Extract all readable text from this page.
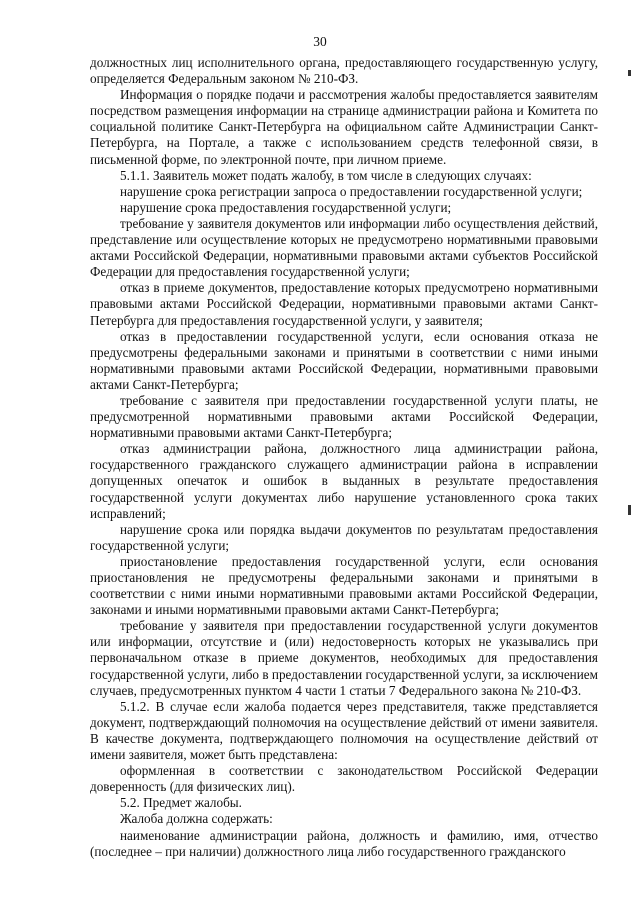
30

должностных лиц исполнительного органа, предоставляющего государственную услугу, определяется Федеральным законом № 210-ФЗ.

Информация о порядке подачи и рассмотрения жалобы предоставляется заявителям посредством размещения информации на странице администрации района и Комитета по социальной политике Санкт-Петербурга на официальном сайте Администрации Санкт-Петербурга, на Портале, а также с использованием средств телефонной связи, в письменной форме, по электронной почте, при личном приеме.

5.1.1. Заявитель может подать жалобу, в том числе в следующих случаях:

нарушение срока регистрации запроса о предоставлении государственной услуги;

нарушение срока предоставления государственной услуги;

требование у заявителя документов или информации либо осуществления действий, представление или осуществление которых не предусмотрено нормативными правовыми актами Российской Федерации, нормативными правовыми актами субъектов Российской Федерации для предоставления государственной услуги;

отказ в приеме документов, предоставление которых предусмотрено нормативными правовыми актами Российской Федерации, нормативными правовыми актами Санкт-Петербурга для предоставления государственной услуги, у заявителя;

отказ в предоставлении государственной услуги, если основания отказа не предусмотрены федеральными законами и принятыми в соответствии с ними иными нормативными правовыми актами Российской Федерации, нормативными правовыми актами Санкт-Петербурга;

требование с заявителя при предоставлении государственной услуги платы, не предусмотренной нормативными правовыми актами Российской Федерации, нормативными правовыми актами Санкт-Петербурга;

отказ администрации района, должностного лица администрации района, государственного гражданского служащего администрации района в исправлении допущенных опечаток и ошибок в выданных в результате предоставления государственной услуги документах либо нарушение установленного срока таких исправлений;

нарушение срока или порядка выдачи документов по результатам предоставления государственной услуги;

приостановление предоставления государственной услуги, если основания приостановления не предусмотрены федеральными законами и принятыми в соответствии с ними иными нормативными правовыми актами Российской Федерации, законами и иными нормативными правовыми актами Санкт-Петербурга;

требование у заявителя при предоставлении государственной услуги документов или информации, отсутствие и (или) недостоверность которых не указывались при первоначальном отказе в приеме документов, необходимых для предоставления государственной услуги, либо в предоставлении государственной услуги, за исключением случаев, предусмотренных пунктом 4 части 1 статьи 7 Федерального закона № 210-ФЗ.

5.1.2. В случае если жалоба подается через представителя, также представляется документ, подтверждающий полномочия на осуществление действий от имени заявителя. В качестве документа, подтверждающего полномочия на осуществление действий от имени заявителя, может быть представлена:

оформленная в соответствии с законодательством Российской Федерации доверенность (для физических лиц).

5.2. Предмет жалобы.

Жалоба должна содержать:

наименование администрации района, должность и фамилию, имя, отчество (последнее – при наличии) должностного лица либо государственного гражданского
